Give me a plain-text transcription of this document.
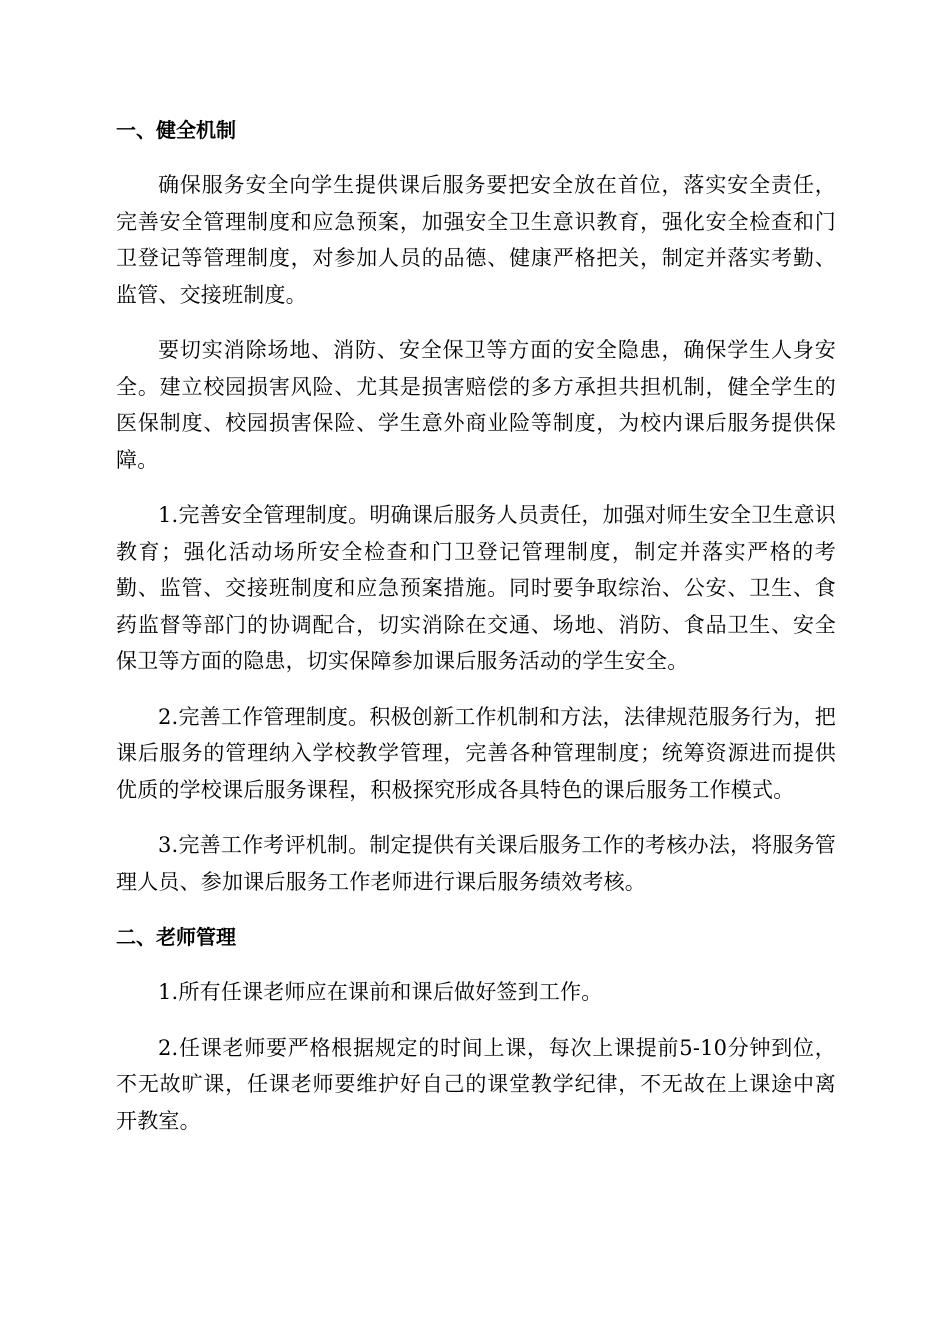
一、健全机制

确保服务安全向学生提供课后服务要把安全放在首位，落实安全责任，完善安全管理制度和应急预案，加强安全卫生意识教育，强化安全检查和门卫登记等管理制度，对参加人员的品德、健康严格把关，制定并落实考勤、监管、交接班制度。

要切实消除场地、消防、安全保卫等方面的安全隐患，确保学生人身安全。建立校园损害风险、尤其是损害赔偿的多方承担共担机制，健全学生的医保制度、校园损害保险、学生意外商业险等制度，为校内课后服务提供保障。

1.完善安全管理制度。明确课后服务人员责任，加强对师生安全卫生意识教育；强化活动场所安全检查和门卫登记管理制度，制定并落实严格的考勤、监管、交接班制度和应急预案措施。同时要争取综治、公安、卫生、食药监督等部门的协调配合，切实消除在交通、场地、消防、食品卫生、安全保卫等方面的隐患，切实保障参加课后服务活动的学生安全。

2.完善工作管理制度。积极创新工作机制和方法，法律规范服务行为，把课后服务的管理纳入学校教学管理，完善各种管理制度；统筹资源进而提供优质的学校课后服务课程，积极探究形成各具特色的课后服务工作模式。

3.完善工作考评机制。制定提供有关课后服务工作的考核办法，将服务管理人员、参加课后服务工作老师进行课后服务绩效考核。

二、老师管理

1.所有任课老师应在课前和课后做好签到工作。

2.任课老师要严格根据规定的时间上课，每次上课提前5-10分钟到位，不无故旷课，任课老师要维护好自己的课堂教学纪律，不无故在上课途中离开教室。
